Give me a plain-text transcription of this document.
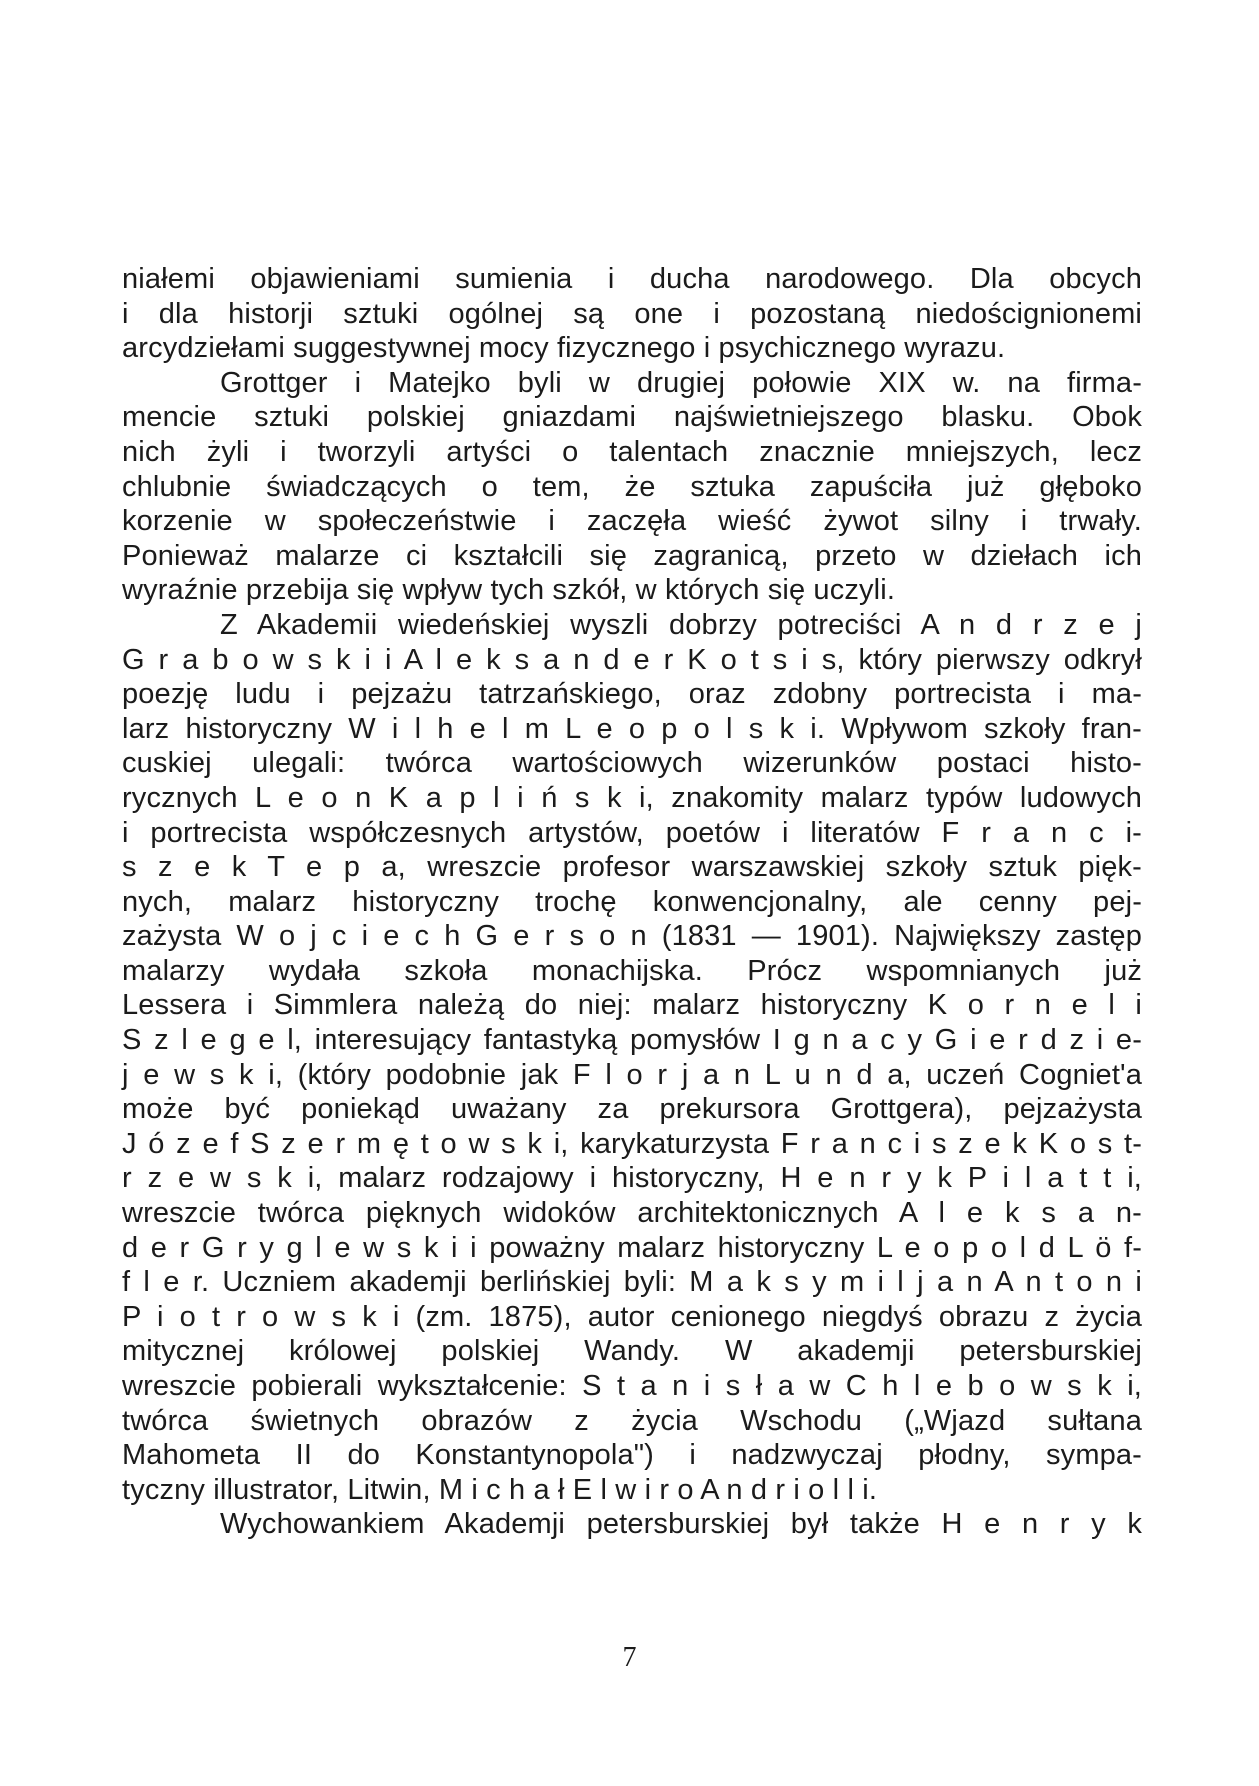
niałemi objawieniami sumienia i ducha narodowego. Dla obcych
i dla historji sztuki ogólnej są one i pozostaną niedoścignionemi
arcydziełami suggestywnej mocy fizycznego i psychicznego wyrazu.
Grottger i Matejko byli w drugiej połowie XIX w. na firma-
mencie sztuki polskiej gniazdami najświetniejszego blasku. Obok
nich żyli i tworzyli artyści o talentach znacznie mniejszych, lecz
chlubnie świadczących o tem, że sztuka zapuściła już głęboko
korzenie w społeczeństwie i zaczęła wieść żywot silny i trwały.
Ponieważ malarze ci kształcili się zagranicą, przeto w dziełach ich
wyraźnie przebija się wpływ tych szkół, w których się uczyli.
Z Akademii wiedeńskiej wyszli dobrzy potreciści A n d r z e j
G r a b o w s k i i A l e k s a n d e r K o t s i s, który pierwszy odkrył
poezję ludu i pejzażu tatrzańskiego, oraz zdobny portrecista i ma-
larz historyczny W i l h e l m L e o p o l s k i. Wpływom szkoły fran-
cuskiej ulegali: twórca wartościowych wizerunków postaci histo-
rycznych L e o n K a p l i ń s k i, znakomity malarz typów ludowych
i portrecista współczesnych artystów, poetów i literatów F r a n c i-
s z e k T e p a, wreszcie profesor warszawskiej szkoły sztuk pięk-
nych, malarz historyczny trochę konwencjonalny, ale cenny pej-
zażysta W o j c i e c h G e r s o n (1831 — 1901). Największy zastęp
malarzy wydała szkoła monachijska. Prócz wspomnianych już
Lessera i Simmlera należą do niej: malarz historyczny K o r n e l i
S z l e g e l, interesujący fantastyką pomysłów I g n a c y G i e r d z i e-
j e w s k i, (który podobnie jak F l o r j a n L u n d a, uczeń Cogniet'a
może być poniekąd uważany za prekursora Grottgera), pejzażysta
J ó z e f S z e r m ę t o w s k i, karykaturzysta F r a n c i s z e k K o s t-
r z e w s k i, malarz rodzajowy i historyczny, H e n r y k P i l a t t i,
wreszcie twórca pięknych widoków architektonicznych A l e k s a n-
d e r G r y g l e w s k i i poważny malarz historyczny L e o p o l d L ö f-
f l e r. Uczniem akademji berlińskiej byli: M a k s y m i l j a n A n t o n i
P i o t r o w s k i (zm. 1875), autor cenionego niegdyś obrazu z życia
mitycznej królowej polskiej Wandy. W akademji petersburskiej
wreszcie pobierali wykształcenie: S t a n i s ł a w C h l e b o w s k i,
twórca świetnych obrazów z życia Wschodu („Wjazd sułtana
Mahometa II do Konstantynopola") i nadzwyczaj płodny, sympa-
tyczny illustrator, Litwin, M i c h a ł E l w i r o A n d r i o l l i.
Wychowankiem Akademji petersburskiej był także H e n r y k
7
